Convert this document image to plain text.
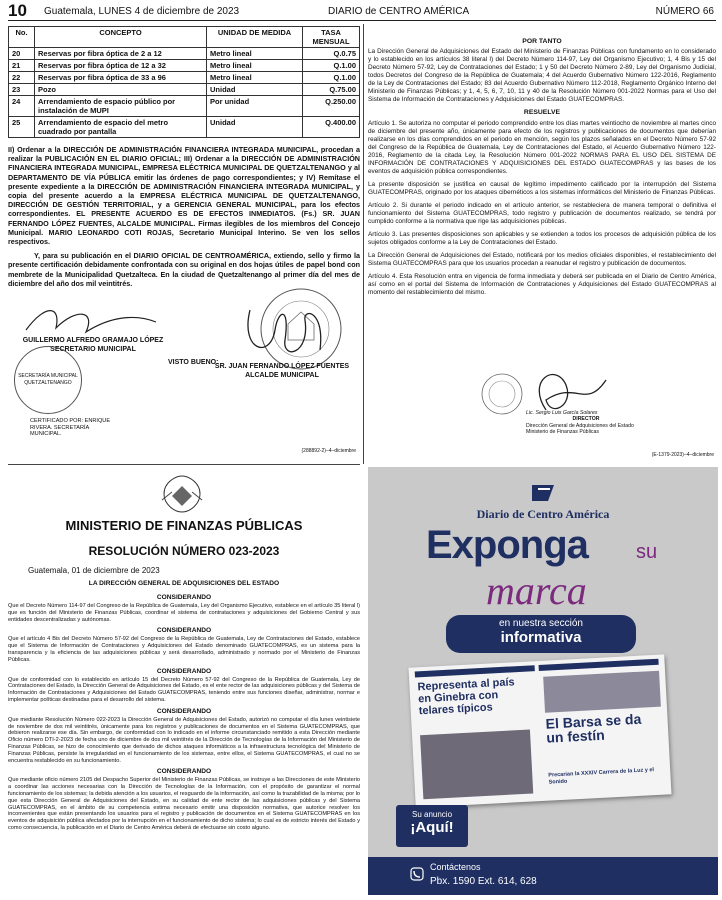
10 Guatemala, LUNES 4 de diciembre de 2023	DIARIO de CENTRO AMÉRICA	NÚMERO 66
No.	CONCEPTO	UNIDAD DE MEDIDA	TASA MENSUAL
20	Reservas por fibra óptica de 2 a 12	Metro lineal	Q.0.75
21	Reservas por fibra óptica de 12 a 32	Metro lineal	Q.1.00
22	Reservas por fibra óptica de 33 a 96	Metro lineal	Q.1.00
23	Pozo	Unidad	Q.75.00
24	Arrendamiento de espacio público por instalación de MUPI	Por unidad	Q.250.00
25	Arrendamiento de espacio del metro cuadrado por pantalla	Unidad	Q.400.00

II) Ordenar a la DIRECCIÓN DE ADMINISTRACIÓN FINANCIERA INTEGRADA MUNICIPAL, procedan a realizar la PUBLICACIÓN EN EL DIARIO OFICIAL; III) Ordenar a la DIRECCIÓN DE ADMINISTRACIÓN FINANCIERA INTEGRADA MUNICIPAL, EMPRESA ELÉCTRICA MUNICIPAL DE QUETZALTENANGO y al DEPARTAMENTO DE VÍA PÚBLICA emitir las órdenes de pago correspondientes; y IV) Remítase el presente expediente a la DIRECCIÓN DE ADMINISTRACIÓN FINANCIERA INTEGRADA MUNICIPAL, y copia del presente acuerdo a la EMPRESA ELÉCTRICA MUNICIPAL DE QUETZALTENANGO, DIRECCIÓN DE GESTIÓN TERRITORIAL, y a GERENCIA GENERAL MUNICIPAL, para los efectos correspondientes. EL PRESENTE ACUERDO ES DE EFECTOS INMEDIATOS. (Fs.) SR. JUAN FERNANDO LÓPEZ FUENTES, ALCALDE MUNICIPAL. Firmas ilegibles de los miembros del Concejo Municipal. MARIO LEONARDO COTI ROJAS, Secretario Municipal Interino. Se ven los sellos respectivos.

Y, para su publicación en el DIARIO OFICIAL DE CENTROAMÉRICA, extiendo, sello y firmo la presente certificación debidamente confrontada con su original en dos hojas útiles de papel bond con membrete de la Municipalidad Quetzalteca. En la ciudad de Quetzaltenango al primer día del mes de diciembre del año dos mil veintitrés.

GUILLERMO ALFREDO GRAMAJO LÓPEZ
SECRETARIO MUNICIPAL
VISTO BUENO:
SR. JUAN FERNANDO LÓPEZ FUENTES
ALCALDE MUNICIPAL
SECRETARÍA MUNICIPAL QUETZALTENANGO
CERTIFICADO POR: ENRIQUE RIVERA. SECRETARÍA MUNICIPAL.
(288892-2)–4–diciembre
POR TANTO

La Dirección General de Adquisiciones del Estado del Ministerio de Finanzas Públicas con fundamento en lo considerado y lo establecido en los artículos 38 literal l) del Decreto Número 114-97, Ley del Organismo Ejecutivo; 1, 4 Bis y 15 del Decreto Número 57-92, Ley de Contrataciones del Estado; 1 y 50 del Decreto Número 2-89, Ley del Organismo Judicial, todos Decretos del Congreso de la República de Guatemala; 4 del Acuerdo Gubernativo Número 122-2016, Reglamento de la Ley de Contrataciones del Estado; 83 del Acuerdo Gubernativo Número 112-2018, Reglamento Orgánico Interno del Ministerio de Finanzas Públicas; y 1, 4, 5, 6, 7, 10, 11 y 40 de la Resolución Número 001-2022 Normas para el Uso del Sistema de Información de Contrataciones y Adquisiciones del Estado GUATECOMPRAS.

RESUELVE

Artículo 1. Se autoriza no computar el periodo comprendido entre los días martes veintiocho de noviembre al martes cinco de diciembre del presente año, únicamente para efecto de los registros y publicaciones de documentos que deberían realizarse en los días comprendidos en el periodo en mención, según los plazos señalados en el Decreto Número 57-92 del Congreso de la República de Guatemala, Ley de Contrataciones del Estado, el Acuerdo Gubernativo Número 122-2016, Reglamento de la citada Ley, la Resolución Número 001-2022 NORMAS PARA EL USO DEL SISTEMA DE INFORMACIÓN DE CONTRATACIONES Y ADQUISICIONES DEL ESTADO GUATECOMPRAS y las bases de los eventos de adquisición pública correspondientes.

La presente disposición se justifica en causal de legítimo impedimento calificado por la interrupción del Sistema GUATECOMPRAS, originado por los ataques cibernéticos a los sistemas informáticos del Ministerio de Finanzas Públicas.

Artículo 2. Si durante el periodo indicado en el artículo anterior, se restableciera de manera temporal o definitiva el funcionamiento del Sistema GUATECOMPRAS, todo registro y publicación de documentos realizado, se tendrá por cumplido conforme a la normativa que rige las adquisiciones públicas.

Artículo 3. Las presentes disposiciones son aplicables y se extienden a todos los procesos de adquisición pública de los sujetos obligados conforme a la Ley de Contrataciones del Estado.

La Dirección General de Adquisiciones del Estado, notificará por los medios oficiales disponibles, el restablecimiento del Sistema GUATECOMPRAS para que los usuarios procedan a reanudar el registro y publicación de documentos.

Artículo 4. Esta Resolución entra en vigencia de forma inmediata y deberá ser publicada en el Diario de Centro América, así como en el portal del Sistema de Información de Contrataciones y Adquisiciones del Estado GUATECOMPRAS al momento del restablecimiento del mismo.

Lic. Sergio Luis García Solares
DIRECTOR
Dirección General de Adquisiciones del Estado Ministerio de Finanzas Públicas
(E-1379-2023)–4–diciembre
MINISTERIO DE FINANZAS PÚBLICAS
RESOLUCIÓN NÚMERO 023-2023
Guatemala, 01 de diciembre de 2023
LA DIRECCIÓN GENERAL DE ADQUISICIONES DEL ESTADO
CONSIDERANDO

Que el Decreto Número 114-97 del Congreso de la República de Guatemala, Ley del Organismo Ejecutivo, establece en el artículo 35 literal l) que es función del Ministerio de Finanzas Públicas, coordinar el sistema de contrataciones y adquisiciones del Gobierno Central y sus entidades descentralizadas y autónomas.

CONSIDERANDO

Que el artículo 4 Bis del Decreto Número 57-92 del Congreso de la República de Guatemala, Ley de Contrataciones del Estado, establece que el Sistema de Información de Contrataciones y Adquisiciones del Estado denominado GUATECOMPRAS, es un sistema para la transparencia y la eficiencia de las adquisiciones públicas y será desarrollado, administrado y normado por el Ministerio de Finanzas Públicas.

CONSIDERANDO

Que de conformidad con lo establecido en artículo 15 del Decreto Número 57-92 del Congreso de la República de Guatemala, Ley de Contrataciones del Estado, la Dirección General de Adquisiciones del Estado, es el ente rector de las adquisiciones públicas y del Sistema de Información de Contrataciones y Adquisiciones del Estado GUATECOMPRAS, teniendo entre sus funciones diseñar, administrar, normar e implementar políticas destinadas para el desarrollo del sistema.

CONSIDERANDO

Que mediante Resolución Número 022-2023 la Dirección General de Adquisiciones del Estado, autorizó no computar el día lunes veintisiete de noviembre de dos mil veintitrés, únicamente para los registros y publicaciones de documentos en el Sistema GUATECOMPRAS, que debieron realizarse ese día. Sin embargo, de conformidad con lo indicado en el informe circunstanciado remitido a esta Dirección mediante Oficio número DTI-2-2023 de fecha uno de diciembre de dos mil veintitrés de la Dirección de Tecnologías de la Información del Ministerio de Finanzas Públicas, se hizo de conocimiento que derivado de dichos ataques informáticos a la infraestructura tecnológica del Ministerio de Finanzas Públicas, persiste la irregularidad en el funcionamiento de los sistemas, entre ellos, el Sistema GUATECOMPRAS, el cual no se encuentra restablecido en su funcionamiento.

CONSIDERANDO

Que mediante oficio número 2105 del Despacho Superior del Ministerio de Finanzas Públicas, se instruye a las Direcciones de este Ministerio a coordinar las acciones necesarias con la Dirección de Tecnologías de la Información, con el propósito de garantizar el normal funcionamiento de los sistemas; la debida atención a los usuarios, el resguardo de la información, así como la trazabilidad de la misma; por lo que esta Dirección General de Adquisiciones del Estado, en su calidad de ente rector de las adquisiciones públicas y del Sistema GUATECOMPRAS, en el ámbito de su competencia estima necesario emitir una disposición normativa, que autorice resolver los inconvenientes que están presentando los usuarios para el registro y publicación de documentos en el Sistema GUATECOMPRAS en los eventos de adquisición pública afectados por la interrupción en el funcionamiento de dicho sistema; lo cual es de estricto interés del Estado y como consecuencia, la publicación en el Diario de Centro América deberá de efectuarse sin costo alguno.

Diario de Centro América
Exponga su
marca
en nuestra sección
informativa
Representa al país en Ginebra con telares típicos
El Barsa se da un festín
Precarian la XXXIV Carrera de la Luz y el Sonido
Su anuncio
¡Aquí!
Contáctenos
Pbx. 1590 Ext. 614, 628
